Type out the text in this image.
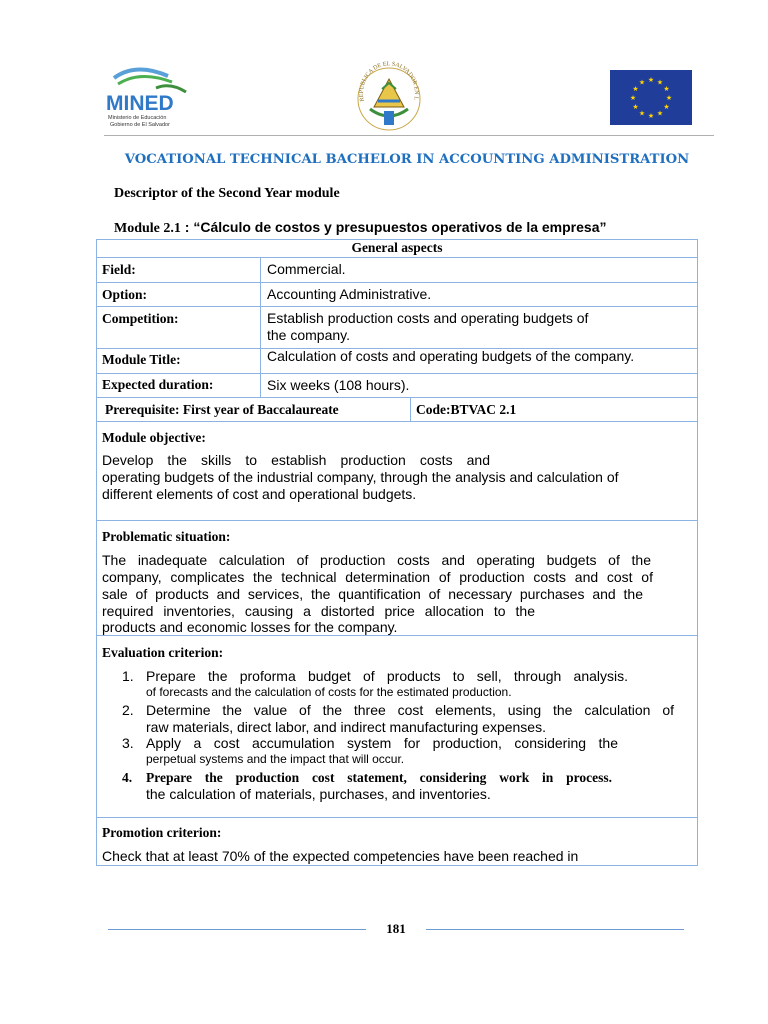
MINED
Ministerio de Educación
Gobierno de El Salvador
REPUBLICA DE EL SALVADOR EN L
★ ★
★
★
★
★
★
★
★
★
★
★
VOCATIONAL TECHNICAL BACHELOR IN ACCOUNTING ADMINISTRATION
Descriptor of the Second Year module
Module 2.1 : “Cálculo de costos y presupuestos operativos de la empresa”
General aspects
Field:	Commercial.
Option:	Accounting Administrative.
Competition:	Establish production costs and operating budgets of
the company.
Module Title:	Calculation of costs and operating budgets of the company.
Expected duration:	Six weeks (108 hours).
Prerequisite: First year of Baccalaureate	Code:BTVAC 2.1
Module objective:
Develop the skills to establish production costs and
operating budgets of the industrial company, through the analysis and calculation of
different elements of cost and operational budgets.
Problematic situation:
The inadequate calculation of production costs and operating budgets of the
company, complicates the technical determination of production costs and cost of
sale of products and services, the quantification of necessary purchases and the
required inventories, causing a distorted price allocation to the
products and economic losses for the company.
Evaluation criterion:
1. Prepare the proforma budget of products to sell, through analysis.
of forecasts and the calculation of costs for the estimated production.
2. Determine the value of the three cost elements, using the calculation of
raw materials, direct labor, and indirect manufacturing expenses.
3. Apply a cost accumulation system for production, considering the
perpetual systems and the impact that will occur.
4. Prepare the production cost statement, considering work in process.
the calculation of materials, purchases, and inventories.
Promotion criterion:
Check that at least 70% of the expected competencies have been reached in
181
